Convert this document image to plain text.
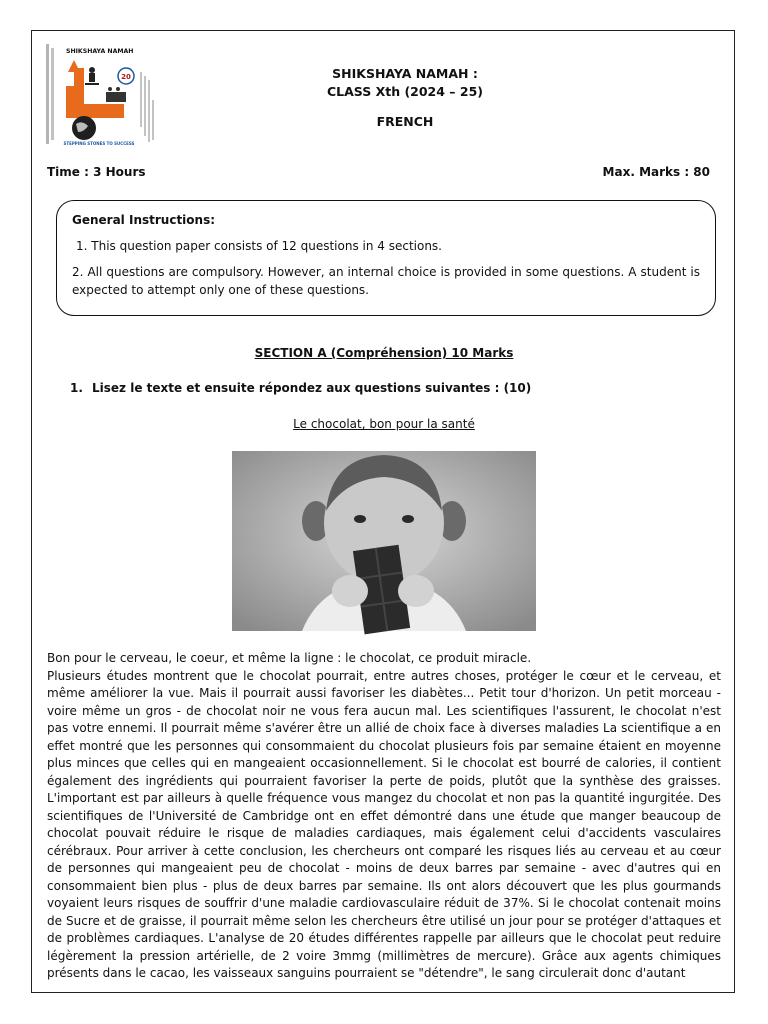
SHIKSHAYA NAMAH
20
STEPPING STONES TO SUCCESS
SHIKSHAYA NAMAH :
CLASS Xth (2024 – 25)
FRENCH
Time : 3 Hours	Max. Marks : 80
General Instructions:
1. This question paper consists of 12 questions in 4 sections.
2. All questions are compulsory. However, an internal choice is provided in some questions. A student is expected to attempt only one of these questions.
SECTION A (Compréhension) 10 Marks
1. Lisez le texte et ensuite répondez aux questions suivantes : (10)
Le chocolat, bon pour la santé

Bon pour le cerveau, le coeur, et même la ligne : le chocolat, ce produit miracle.

Plusieurs études montrent que le chocolat pourrait, entre autres choses, protéger le cœur et le cerveau, et même améliorer la vue. Mais il pourrait aussi favoriser les diabètes... Petit tour d'horizon. Un petit morceau - voire même un gros - de chocolat noir ne vous fera aucun mal. Les scientifiques l'assurent, le chocolat n'est pas votre ennemi. Il pourrait même s'avérer être un allié de choix face à diverses maladies La scientifique a en effet montré que les personnes qui consommaient du chocolat plusieurs fois par semaine étaient en moyenne plus minces que celles qui en mangeaient occasionnellement. Si le chocolat est bourré de calories, il contient également des ingrédients qui pourraient favoriser la perte de poids, plutôt que la synthèse des graisses. L'important est par ailleurs à quelle fréquence vous mangez du chocolat et non pas la quantité ingurgitée. Des scientifiques de l'Université de Cambridge ont en effet démontré dans une étude que manger beaucoup de chocolat pouvait réduire le risque de maladies cardiaques, mais également celui d'accidents vasculaires cérébraux. Pour arriver à cette conclusion, les chercheurs ont comparé les risques liés au cerveau et au cœur de personnes qui mangeaient peu de chocolat - moins de deux barres par semaine - avec d'autres qui en consommaient bien plus - plus de deux barres par semaine. Ils ont alors découvert que les plus gourmands voyaient leurs risques de souffrir d'une maladie cardiovasculaire réduit de 37%. Si le chocolat contenait moins de Sucre et de graisse, il pourrait même selon les chercheurs être utilisé un jour pour se protéger d'attaques et de problèmes cardiaques. L'analyse de 20 études différentes rappelle par ailleurs que le chocolat peut reduire légèrement la pression artérielle, de 2 voire 3mmg (millimètres de mercure). Grâce aux agents chimiques présents dans le cacao, les vaisseaux sanguins pourraient se "détendre", le sang circulerait donc d'autant
